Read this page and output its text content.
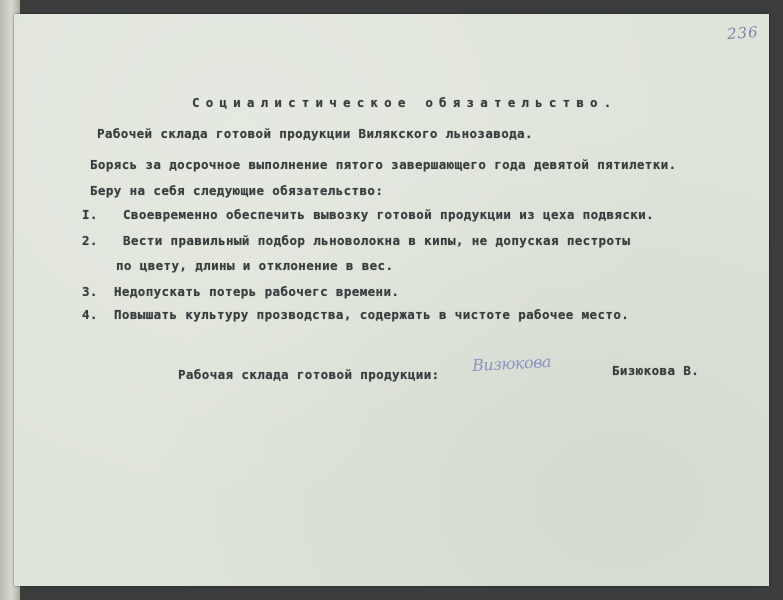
236
Социалистическое обязательство.
Рабочей склада готовой продукции Вилякского льнозавода.
Борясь за досрочное выполнение пятого завершающего года девятой пятилетки.
Беру на себя следующие обязательство:
I. Своевременно обеспечить вывозку готовой продукции из цеха подвяски.
2. Вести правильный подбор льноволокна в кипы, не допуская пестроты
по цвету, длины и отклонение в вес.
3. Недопускать потерь рабочегс времени.
4. Повышать культуру прозводства, содержать в чистоте рабочее место.
Рабочая склада готовой продукции: Визюкова	Бизюкова В.
